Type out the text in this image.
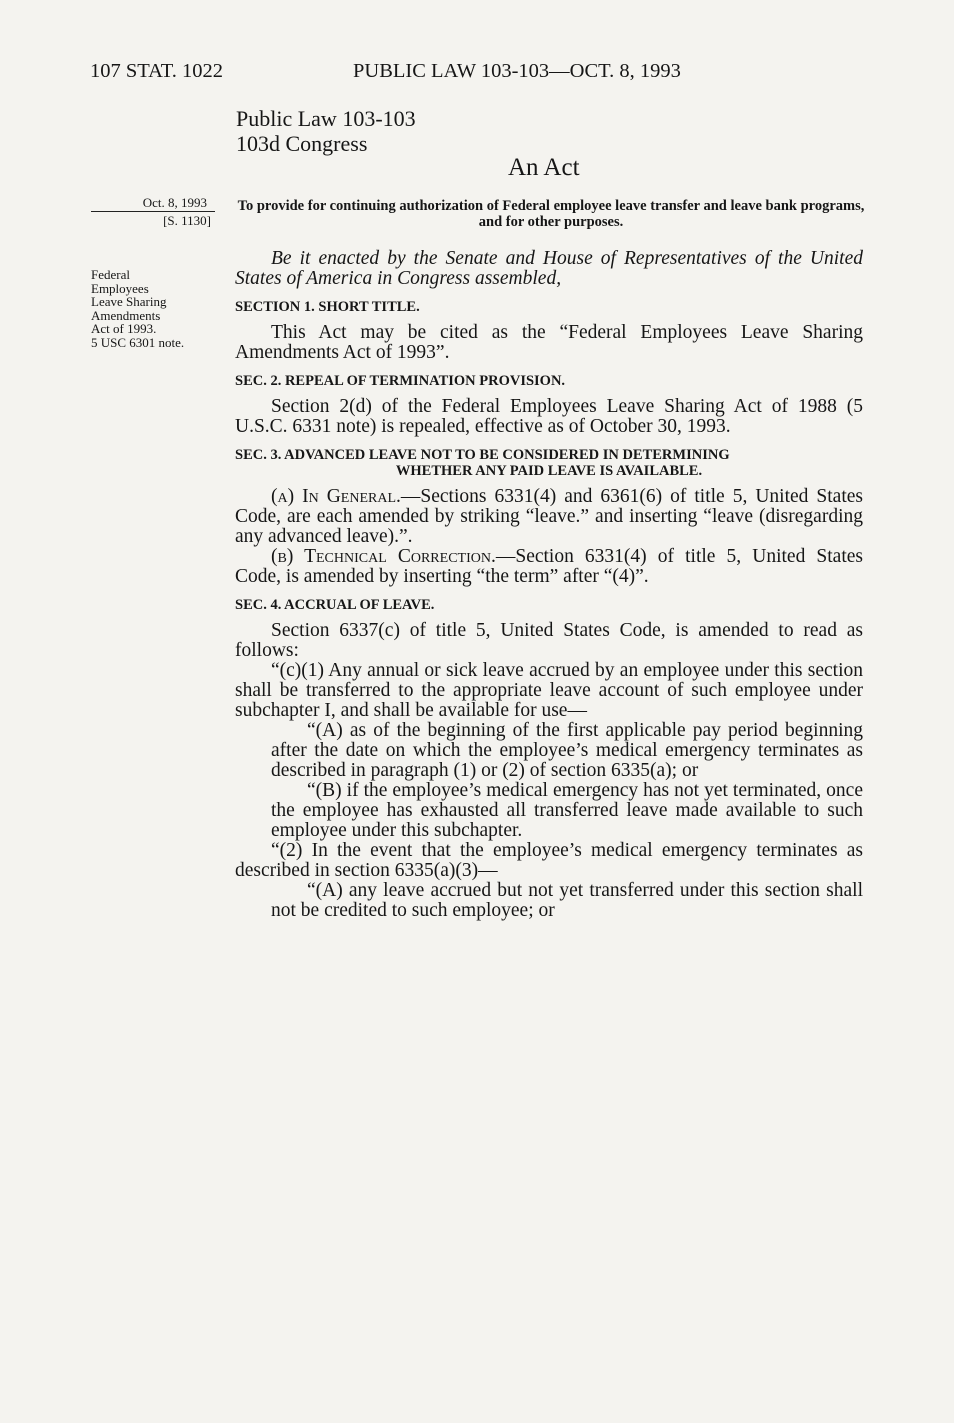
107 STAT. 1022	PUBLIC LAW 103-103—OCT. 8, 1993
Public Law 103-103
103d Congress
An Act
Oct. 8, 1993
[S. 1130]
Federal
Employees
Leave Sharing
Amendments
Act of 1993.
5 USC 6301 note.
To provide for continuing authorization of Federal employee leave transfer and leave bank programs, and for other purposes.

Be it enacted by the Senate and House of Representatives of the United States of America in Congress assembled,

SECTION 1. SHORT TITLE.

This Act may be cited as the “Federal Employees Leave Sharing Amendments Act of 1993”.

SEC. 2. REPEAL OF TERMINATION PROVISION.

Section 2(d) of the Federal Employees Leave Sharing Act of 1988 (5 U.S.C. 6331 note) is repealed, effective as of October 30, 1993.

SEC. 3. ADVANCED LEAVE NOT TO BE CONSIDERED IN DETERMINING
WHETHER ANY PAID LEAVE IS AVAILABLE.

(a) In General.—Sections 6331(4) and 6361(6) of title 5, United States Code, are each amended by striking “leave.” and inserting “leave (disregarding any advanced leave).”.

(b) Technical Correction.—Section 6331(4) of title 5, United States Code, is amended by inserting “the term” after “(4)”.

SEC. 4. ACCRUAL OF LEAVE.

Section 6337(c) of title 5, United States Code, is amended to read as follows:

“(c)(1) Any annual or sick leave accrued by an employee under this section shall be transferred to the appropriate leave account of such employee under subchapter I, and shall be available for use—

“(A) as of the beginning of the first applicable pay period beginning after the date on which the employee’s medical emergency terminates as described in paragraph (1) or (2) of section 6335(a); or

“(B) if the employee’s medical emergency has not yet terminated, once the employee has exhausted all transferred leave made available to such employee under this subchapter.

“(2) In the event that the employee’s medical emergency terminates as described in section 6335(a)(3)—

“(A) any leave accrued but not yet transferred under this section shall not be credited to such employee; or
